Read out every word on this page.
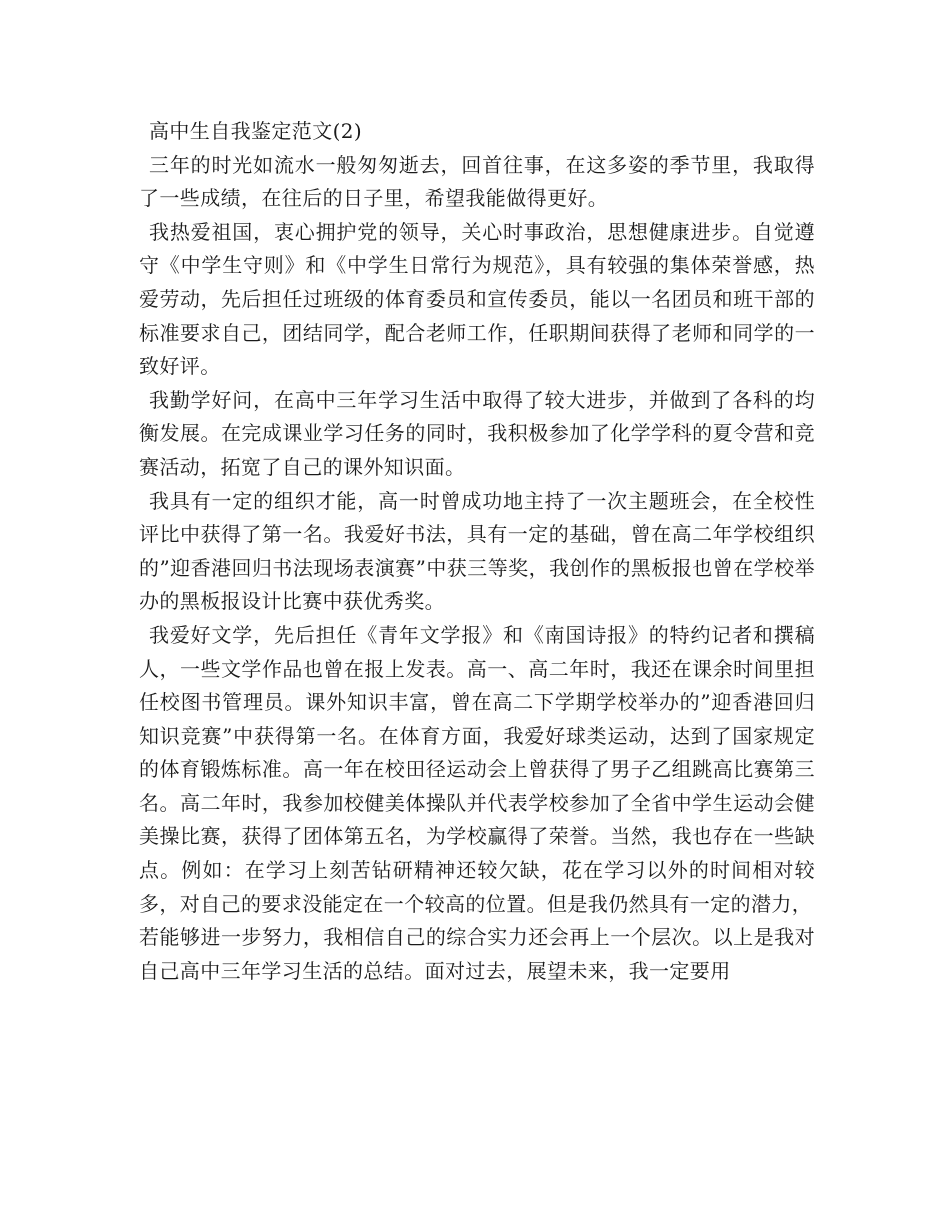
高中生自我鉴定范文(2)

三年的时光如流水一般匆匆逝去，回首往事，在这多姿的季节里，我取得了一些成绩，在往后的日子里，希望我能做得更好。

我热爱祖国，衷心拥护党的领导，关心时事政治，思想健康进步。自觉遵守《中学生守则》和《中学生日常行为规范》，具有较强的集体荣誉感，热爱劳动，先后担任过班级的体育委员和宣传委员，能以一名团员和班干部的标准要求自己，团结同学，配合老师工作，任职期间获得了老师和同学的一致好评。

我勤学好问，在高中三年学习生活中取得了较大进步，并做到了各科的均衡发展。在完成课业学习任务的同时，我积极参加了化学学科的夏令营和竞赛活动，拓宽了自己的课外知识面。

我具有一定的组织才能，高一时曾成功地主持了一次主题班会，在全校性评比中获得了第一名。我爱好书法，具有一定的基础，曾在高二年学校组织的”迎香港回归书法现场表演赛”中获三等奖，我创作的黑板报也曾在学校举办的黑板报设计比赛中获优秀奖。

我爱好文学，先后担任《青年文学报》和《南国诗报》的特约记者和撰稿人，一些文学作品也曾在报上发表。高一、高二年时，我还在课余时间里担任校图书管理员。课外知识丰富，曾在高二下学期学校举办的”迎香港回归知识竞赛”中获得第一名。在体育方面，我爱好球类运动，达到了国家规定的体育锻炼标准。高一年在校田径运动会上曾获得了男子乙组跳高比赛第三名。高二年时，我参加校健美体操队并代表学校参加了全省中学生运动会健美操比赛，获得了团体第五名，为学校赢得了荣誉。当然，我也存在一些缺点。例如：在学习上刻苦钻研精神还较欠缺，花在学习以外的时间相对较多，对自己的要求没能定在一个较高的位置。但是我仍然具有一定的潜力，

若能够进一步努力，我相信自己的综合实力还会再上一个层次。以上是我对自己高中三年学习生活的总结。面对过去，展望未来，我一定要用
